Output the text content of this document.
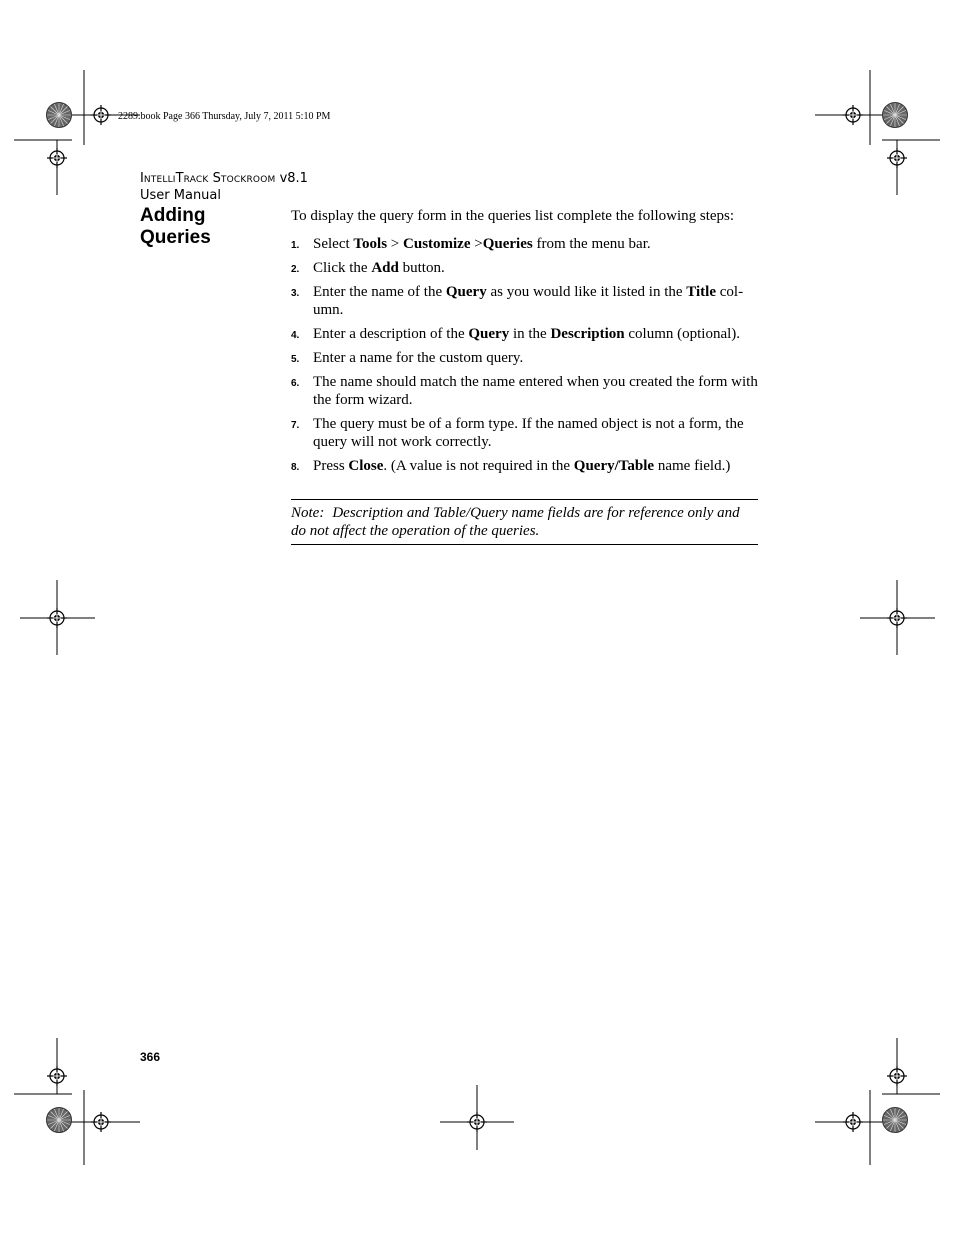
2289.book Page 366 Thursday, July 7, 2011 5:10 PM
IntelliTrack Stockroom v8.1
User Manual
Adding Queries

To display the query form in the queries list complete the following steps:

1. Select Tools > Customize >Queries from the menu bar.
2. Click the Add button.
3. Enter the name of the Query as you would like it listed in the Title col-umn.
4. Enter a description of the Query in the Description column (optional).
5. Enter a name for the custom query.
6. The name should match the name entered when you created the form with the form wizard.
7. The query must be of a form type. If the named object is not a form, the query will not work correctly.
8. Press Close. (A value is not required in the Query/Table name field.)
Note: Description and Table/Query name fields are for reference only and do not affect the operation of the queries.
366
